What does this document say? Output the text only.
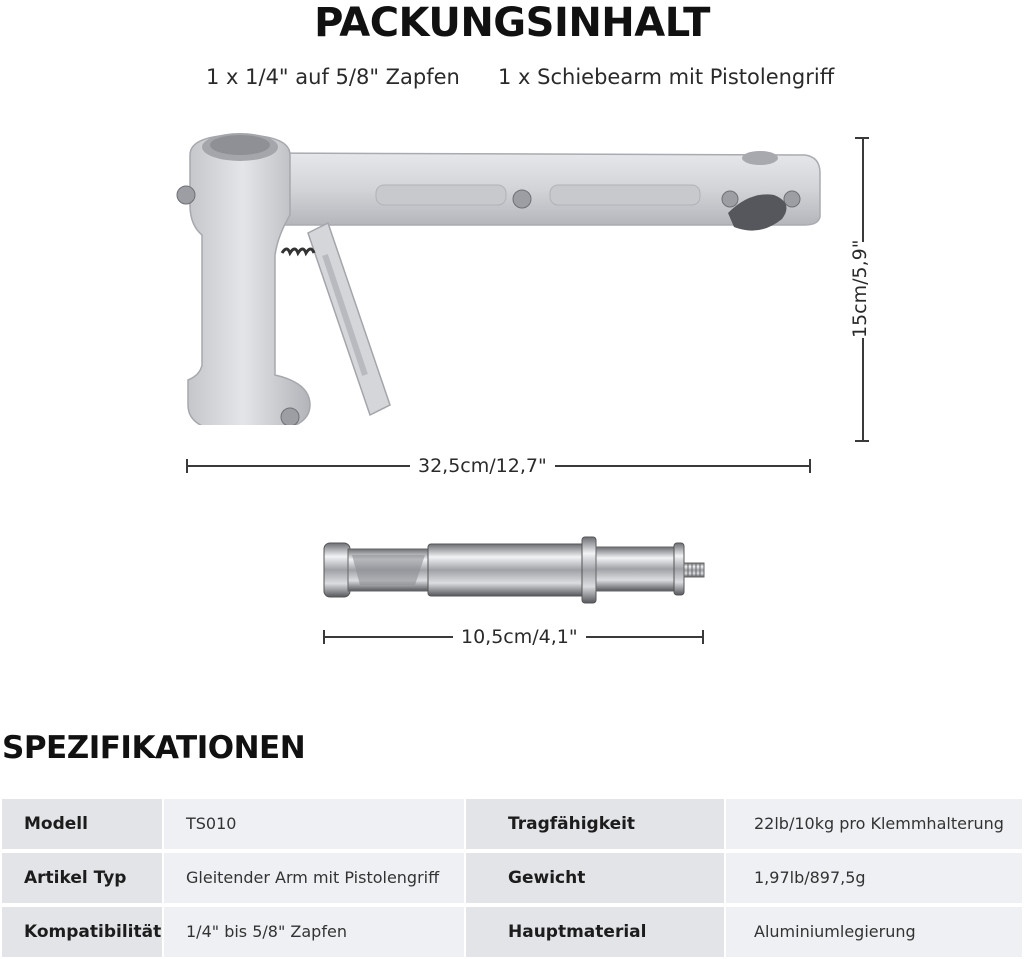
PACKUNGSINHALT
1 x 1/4" auf 5/8" Zapfen 1 x Schiebearm mit Pistolengriff
15cm/5,9"
32,5cm/12,7"
10,5cm/4,1"
SPEZIFIKATIONEN
Modell	TS010	Tragfähigkeit	22lb/10kg pro Klemmhalterung
Artikel Typ	Gleitender Arm mit Pistolengriff	Gewicht	1,97lb/897,5g
Kompatibilität	1/4" bis 5/8" Zapfen	Hauptmaterial	Aluminiumlegierung
